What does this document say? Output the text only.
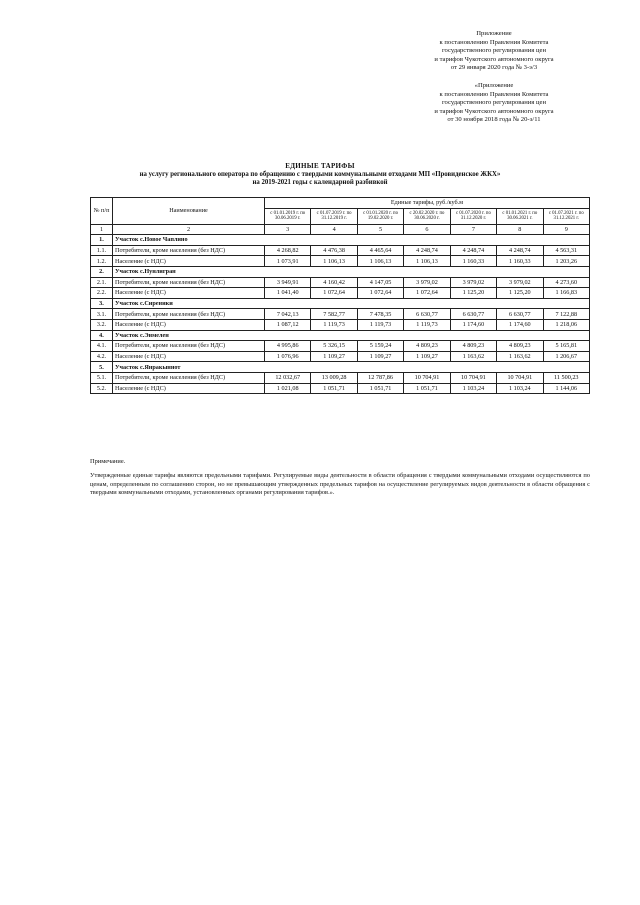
Приложение
к постановлению Правления Комитета
государственного регулирования цен
и тарифов Чукотского автономного округа
от 29 января 2020 года № 3-э/3
«Приложение
к постановлению Правления Комитета
государственного регулирования цен
и тарифов Чукотского автономного округа
от 30 ноября 2018 года № 20-э/11
ЕДИНЫЕ ТАРИФЫ
на услугу регионального оператора по обращению с твердыми коммунальными отходами МП «Провиденское ЖКХ»
на 2019-2021 годы с календарной разбивкой
№ п/п	Наименование	Единые тарифы, руб./куб.м						
		с 01.01.2019 г. по 30.06.2019 г.	с 01.07.2019 г. по 31.12.2019 г.	с 01.01.2020 г. по 19.02.2020 г.	с 20.02.2020 г. по 30.06.2020 г.	с 01.07.2020 г. по 31.12.2020 г.	с 01.01.2021 г. по 30.06.2021 г.	с 01.07.2021 г. по 31.12.2021 г.
1	2	3	4	5	6	7	8	9
1.	Участок с.Новое Чаплино							
1.1.	Потребители, кроме населения (без НДС)	4 268,82	4 476,38	4 465,64	4 248,74	4 248,74	4 248,74	4 563,31
1.2.	Население (с НДС)	1 073,91	1 106,13	1 106,13	1 106,13	1 160,33	1 160,33	1 203,26
2.	Участок с.Нунлигран							
2.1.	Потребители, кроме населения (без НДС)	3 949,91	4 160,42	4 147,05	3 979,02	3 979,02	3 979,02	4 273,60
2.2.	Население (с НДС)	1 041,40	1 072,64	1 072,64	1 072,64	1 125,20	1 125,20	1 166,83
3.	Участок с.Сиреники							
3.1.	Потребители, кроме населения (без НДС)	7 042,13	7 582,77	7 478,35	6 630,77	6 630,77	6 630,77	7 122,88
3.2.	Население (с НДС)	1 087,12	1 119,73	1 119,73	1 119,73	1 174,60	1 174,60	1 218,06
4.	Участок с.Энмелен							
4.1.	Потребители, кроме населения (без НДС)	4 995,86	5 326,15	5 159,24	4 809,23	4 809,23	4 809,23	5 165,81
4.2.	Население (с НДС)	1 076,96	1 109,27	1 109,27	1 109,27	1 163,62	1 163,62	1 206,67
5.	Участок с.Янракыннот							
5.1.	Потребители, кроме населения (без НДС)	12 032,67	13 009,28	12 787,86	10 704,91	10 704,91	10 704,91	11 500,23
5.2.	Население (с НДС)	1 021,08	1 051,71	1 051,71	1 051,71	1 103,24	1 103,24	1 144,06
Примечание.
Утвержденные единые тарифы являются предельными тарифами. Регулируемые виды деятельности в области обращения с твердыми коммунальными отходами осуществляются по ценам, определенным по соглашению сторон, но не превышающим утвержденных предельных тарифов на осуществление регулируемых видов деятельности в области обращения с твердыми коммунальными отходами, установленных органами регулирования тарифов.».
